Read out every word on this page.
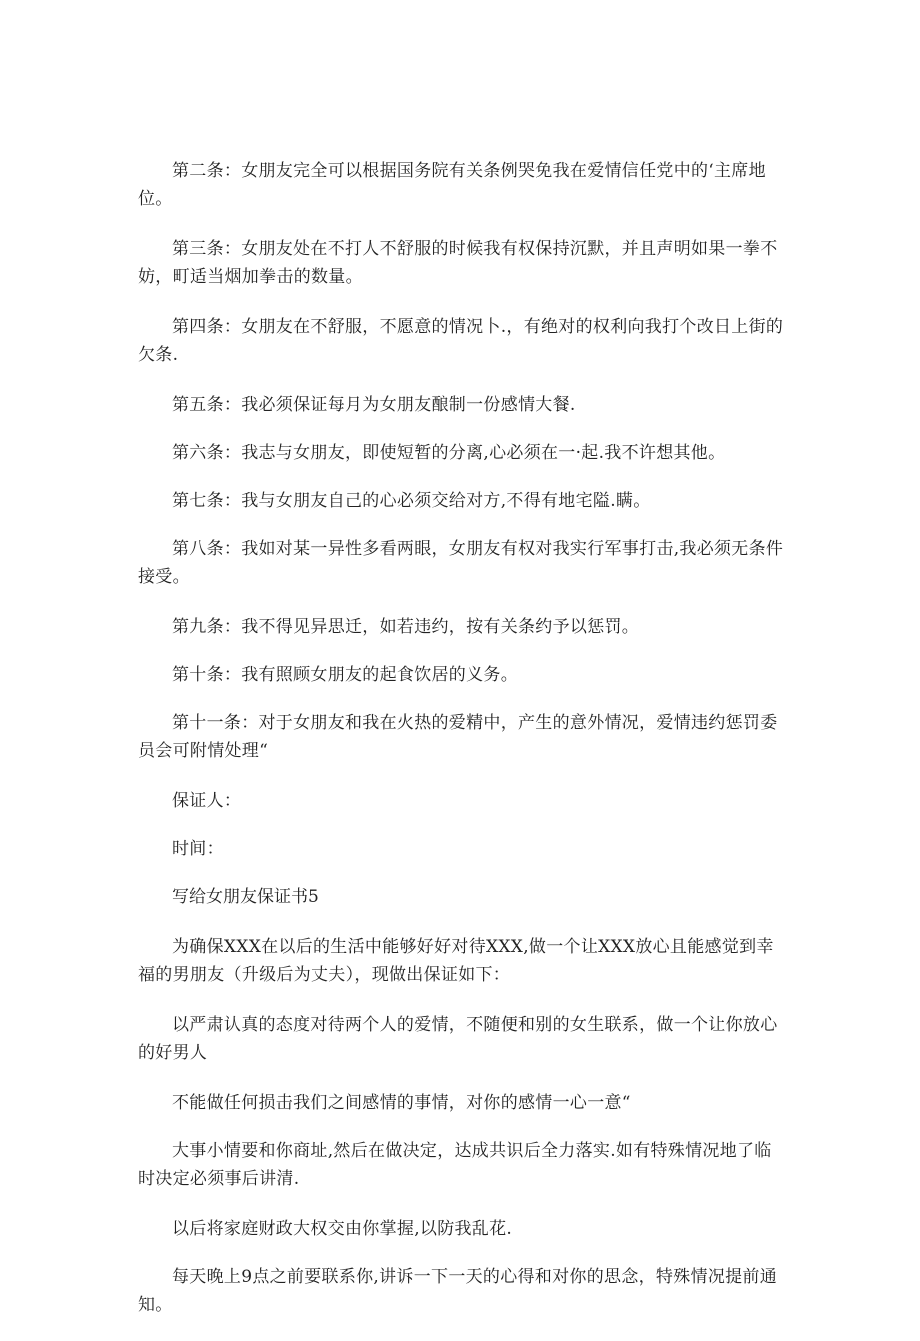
第二条：女朋友完全可以根据国务院有关条例哭免我在爱情信任党中的‘主席地位。

第三条：女朋友处在不打人不舒服的时候我有权保持沉默，并且声明如果一拳不妨，町适当烟加拳击的数量。

第四条：女朋友在不舒服，不愿意的情况卜.，有绝对的权利向我打个改日上街的欠条.

第五条：我必须保证每月为女朋友酿制一份感情大餐.

第六条：我志与女朋友，即使短暂的分离,心必须在一·起.我不许想其他。

第七条：我与女朋友自己的心必须交给对方,不得有地宅隘.瞒。

第八条：我如对某一异性多看两眼，女朋友有权对我实行军事打击,我必须无条件接受。

第九条：我不得见异思迁，如若违约，按有关条约予以惩罚。

第十条：我有照顾女朋友的起食饮居的义务。

第十一条：对于女朋友和我在火热的爱精中，产生的意外情况，爱情违约惩罚委员会可附情处理“

保证人：

时间：

写给女朋友保证书5

为确保XXX在以后的生活中能够好好对待XXX,做一个让XXX放心且能感觉到幸福的男朋友（升级后为丈夫），现做出保证如下：

以严肃认真的态度对待两个人的爱情，不随便和别的女生联系，做一个让你放心的好男人

不能做任何损击我们之间感情的事情，对你的感情一心一意“

大事小情要和你商址,然后在做决定，达成共识后全力落实.如有特殊情况地了临时决定必须事后讲清.

以后将家庭财政大权交由你掌握,以防我乱花.

每天晚上9点之前要联系你,讲诉一下一天的心得和对你的思念，特殊情况提前通知。
